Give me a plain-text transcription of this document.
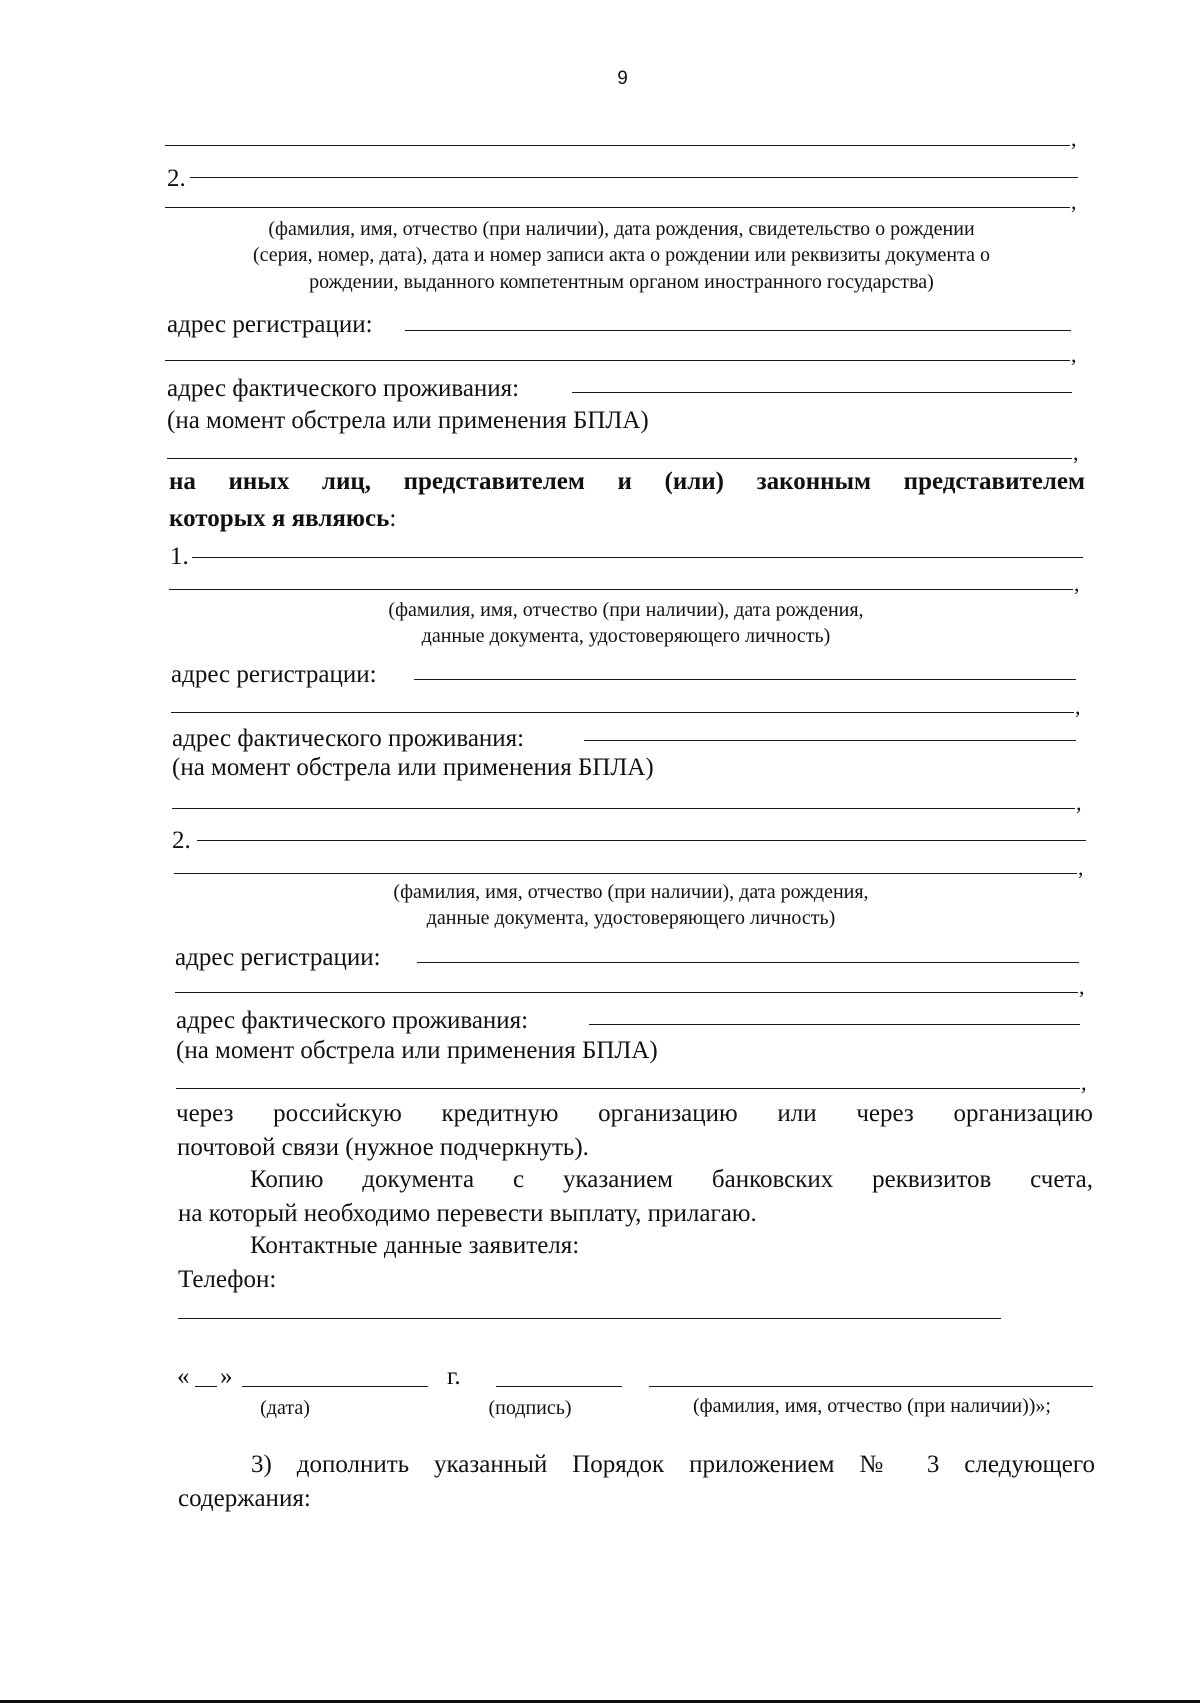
9
,
2.
,
(фамилия, имя, отчество (при наличии), дата рождения, свидетельство о рождении
(серия, номер, дата), дата и номер записи акта о рождении или реквизиты документа о
рождении, выданного компетентным органом иностранного государства)
адрес регистрации:
,
адрес фактического проживания:
(на момент обстрела или применения БПЛА)
,
на иных лиц, представителем и (или) законным представителем
которых я являюсь:
1.
,
(фамилия, имя, отчество (при наличии), дата рождения,
данные документа, удостоверяющего личность)
адрес регистрации:
,
адрес фактического проживания:
(на момент обстрела или применения БПЛА)
,
2.
,
(фамилия, имя, отчество (при наличии), дата рождения,
данные документа, удостоверяющего личность)
адрес регистрации:
,
адрес фактического проживания:
(на момент обстрела или применения БПЛА)
,
через российскую кредитную организацию или через организацию
почтовой связи (нужное подчеркнуть).
Копию документа с указанием банковских реквизитов счета,
на который необходимо перевести выплату, прилагаю.
Контактные данные заявителя:
Телефон:
« »	г.
(дата)	(подпись)	(фамилия, имя, отчество (при наличии))»;
3) дополнить указанный Порядок приложением № 3 следующего
содержания:
